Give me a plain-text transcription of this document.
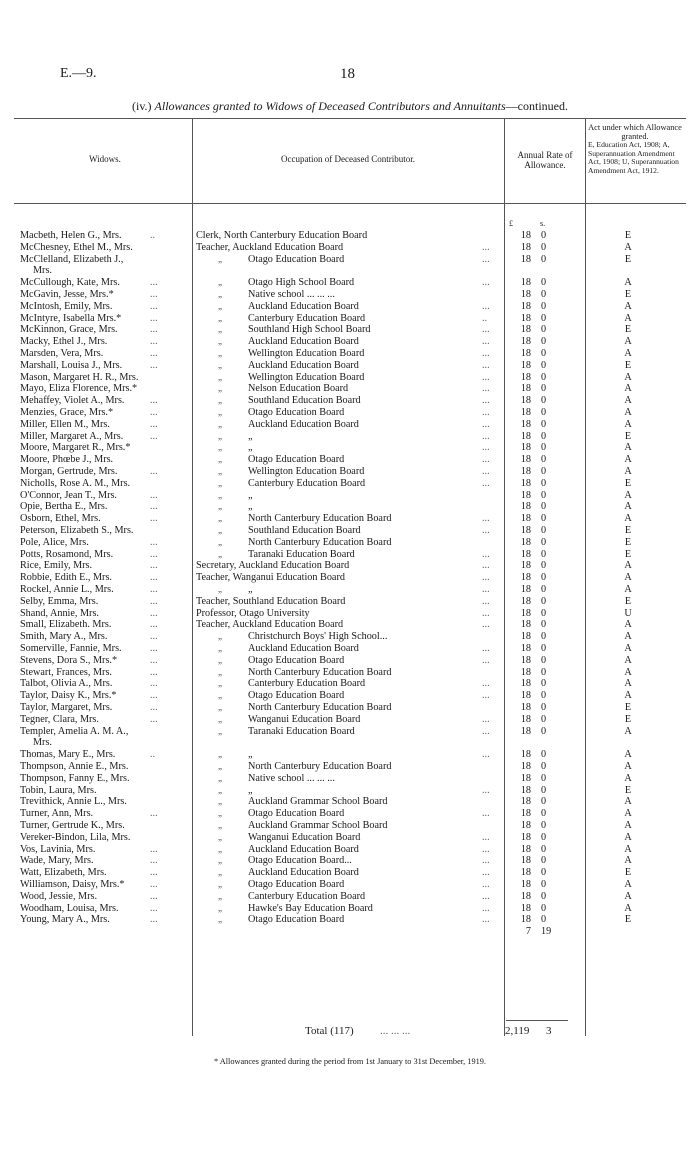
E.—9.	18
(iv.) Allowances granted to Widows of Deceased Contributors and Annuitants—continued.
Widows.	Occupation of Deceased Contributor.	Annual Rate of Allowance.
Act under which Allowance granted.
E, Education Act, 1908; A, Superannuation Amendment Act, 1908; U, Superannuation Amendment Act, 1912.
£	s.
Macbeth, Helen G., Mrs.	..	Clerk, North Canterbury Education Board	18 0	E
McChesney, Ethel M., Mrs.	Teacher, Auckland Education Board	...	18 0	A
McClelland, Elizabeth J.,	„	Otago Education Board	...	18 0	E
Mrs.
McCullough, Kate, Mrs.	...	„	Otago High School Board	...	18 0	A
McGavin, Jesse, Mrs.*	...	„	Native school ... ... ...	18 0	E
McIntosh, Emily, Mrs.	...	„	Auckland Education Board	...	18 0	A
McIntyre, Isabella Mrs.*	...	„	Canterbury Education Board	..	18 0	A
McKinnon, Grace, Mrs.	...	„	Southland High School Board	...	18 0	E
Macky, Ethel J., Mrs.	...	„	Auckland Education Board	...	18 0	A
Marsden, Vera, Mrs.	...	„	Wellington Education Board	...	18 0	A
Marshall, Louisa J., Mrs.	...	„	Auckland Education Board	...	18 0	E
Mason, Margaret H. R., Mrs.	„	Wellington Education Board	...	18 0	A
Mayo, Eliza Florence, Mrs.*	„	Nelson Education Board	...	18 0	A
Mehaffey, Violet A., Mrs.	...	„	Southland Education Board	...	18 0	A
Menzies, Grace, Mrs.*	...	„	Otago Education Board	...	18 0	A
Miller, Ellen M., Mrs.	...	„	Auckland Education Board	...	18 0	A
Miller, Margaret A., Mrs.	...	„	„	...	18 0	E
Moore, Margaret R., Mrs.*	„	„	...	18 0	A
Moore, Phœbe J., Mrs.	„	Otago Education Board	...	18 0	A
Morgan, Gertrude, Mrs.	...	„	Wellington Education Board	...	18 0	A
Nicholls, Rose A. M., Mrs.	„	Canterbury Education Board	...	18 0	E
O'Connor, Jean T., Mrs.	...	„	„	18 0	A
Opie, Bertha E., Mrs.	...	„	„	18 0	A
Osborn, Ethel, Mrs.	...	„	North Canterbury Education Board	...	18 0	A
Peterson, Elizabeth S., Mrs.	„	Southland Education Board	...	18 0	E
Pole, Alice, Mrs.	...	„	North Canterbury Education Board	18 0	E
Potts, Rosamond, Mrs.	...	„	Taranaki Education Board	...	18 0	E
Rice, Emily, Mrs.	...	Secretary, Auckland Education Board	...	18 0	A
Robbie, Edith E., Mrs.	...	Teacher, Wanganui Education Board	...	18 0	A
Rockel, Annie L., Mrs.	...	„	„	...	18 0	A
Selby, Emma, Mrs.	...	Teacher, Southland Education Board	...	18 0	E
Shand, Annie, Mrs.	...	Professor, Otago University	...	18 0	U
Small, Elizabeth. Mrs.	...	Teacher, Auckland Education Board	...	18 0	A
Smith, Mary A., Mrs.	...	„	Christchurch Boys' High School...	18 0	A
Somerville, Fannie, Mrs.	...	„	Auckland Education Board	...	18 0	A
Stevens, Dora S., Mrs.*	...	„	Otago Education Board	...	18 0	A
Stewart, Frances, Mrs.	...	„	North Canterbury Education Board	18 0	A
Talbot, Olivia A., Mrs.	...	„	Canterbury Education Board	...	18 0	A
Taylor, Daisy K., Mrs.*	...	„	Otago Education Board	...	18 0	A
Taylor, Margaret, Mrs.	...	„	North Canterbury Education Board	18 0	E
Tegner, Clara, Mrs.	...	„	Wanganui Education Board	...	18 0	E
Templer, Amelia A. M. A.,	„	Taranaki Education Board	...	18 0	A
Mrs.
Thomas, Mary E., Mrs.	..	„	„	...	18 0	A
Thompson, Annie E., Mrs.	„	North Canterbury Education Board	18 0	A
Thompson, Fanny E., Mrs.	„	Native school ... ... ...	18 0	A
Tobin, Laura, Mrs.	„	„	...	18 0	E
Trevithick, Annie L., Mrs.	„	Auckland Grammar School Board	18 0	A
Turner, Ann, Mrs.	...	„	Otago Education Board	...	18 0	A
Turner, Gertrude K., Mrs.	„	Auckland Grammar School Board	18 0	A
Vereker-Bindon, Lila, Mrs.	„	Wanganui Education Board	...	18 0	A
Vos, Lavinia, Mrs.	...	„	Auckland Education Board	...	18 0	A
Wade, Mary, Mrs.	...	„	Otago Education Board...	...	18 0	A
Watt, Elizabeth, Mrs.	...	„	Auckland Education Board	...	18 0	E
Williamson, Daisy, Mrs.*	...	„	Otago Education Board	...	18 0	A
Wood, Jessie, Mrs.	...	„	Canterbury Education Board	...	18 0	A
Woodham, Louisa, Mrs.	...	„	Hawke's Bay Education Board	...	18 0	A
Young, Mary A., Mrs.	...	„	Otago Education Board	...	18 0	E
7 19
Total (117) ... ... ...	2,119 3
* Allowances granted during the period from 1st January to 31st December, 1919.
